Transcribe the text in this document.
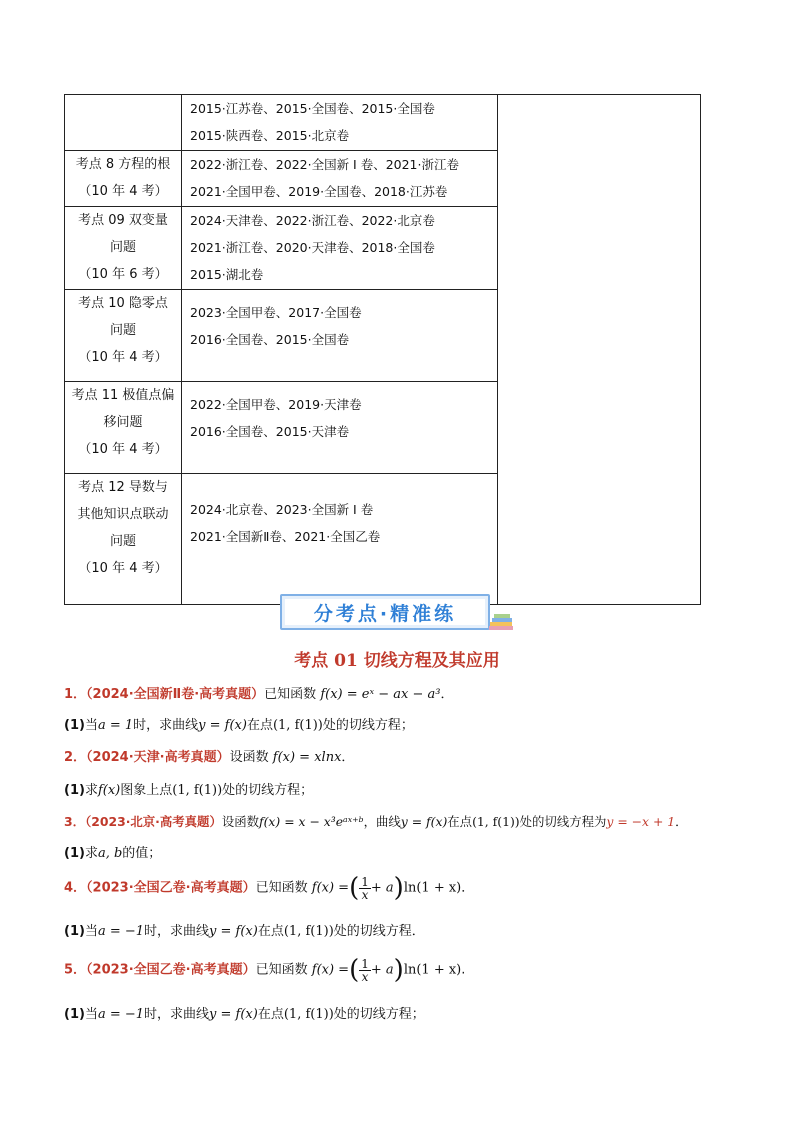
	2015·江苏卷、2015·全国卷、2015·全国卷
2015·陕西卷、2015·北京卷	

考点 8 方程的根
（10 年 4 考）	2022·浙江卷、2022·全国新 I 卷、2021·浙江卷
2021·全国甲卷、2019·全国卷、2018·江苏卷	

考点 09 双变量
问题
（10 年 6 考）	2024·天津卷、2022·浙江卷、2022·北京卷
2021·浙江卷、2020·天津卷、2018·全国卷
2015·湖北卷	

考点 10 隐零点
问题
（10 年 4 考）	2023·全国甲卷、2017·全国卷
2016·全国卷、2015·全国卷	

考点 11 极值点偏
移问题
（10 年 4 考）	2022·全国甲卷、2019·天津卷
2016·全国卷、2015·天津卷	

考点 12 导数与
其他知识点联动
问题
（10 年 4 考）	2024·北京卷、2023·全国新 I 卷
2021·全国新Ⅱ卷、2021·全国乙卷	
分考点·精准练
考点 01 切线方程及其应用
1．（2024·全国新Ⅱ卷·高考真题）已知函数 f(x) = eˣ − ax − a³．
(1)当a = 1时，求曲线y = f(x)在点(1, f(1))处的切线方程；
2．（2024·天津·高考真题）设函数 f(x) = xlnx．
(1)求f(x)图象上点(1, f(1))处的切线方程；
3．（2023·北京·高考真题）设函数f(x) = x − x³eᵃˣ⁺ᵇ，曲线y = f(x)在点(1, f(1))处的切线方程为y = −x + 1．
(1)求a, b的值；
4．（2023·全国乙卷·高考真题）已知函数 f(x) =( $\frac{1}{x} + a)\ln(1 + x)$．
(1)当a = −1时，求曲线y = f(x)在点(1, f(1))处的切线方程．
5．（2023·全国乙卷·高考真题）已知函数 f(x) =( $\frac{1}{x} + a)\ln(1 + x)$.
(1)当a = −1时，求曲线y = f(x)在点(1, f(1))处的切线方程；
